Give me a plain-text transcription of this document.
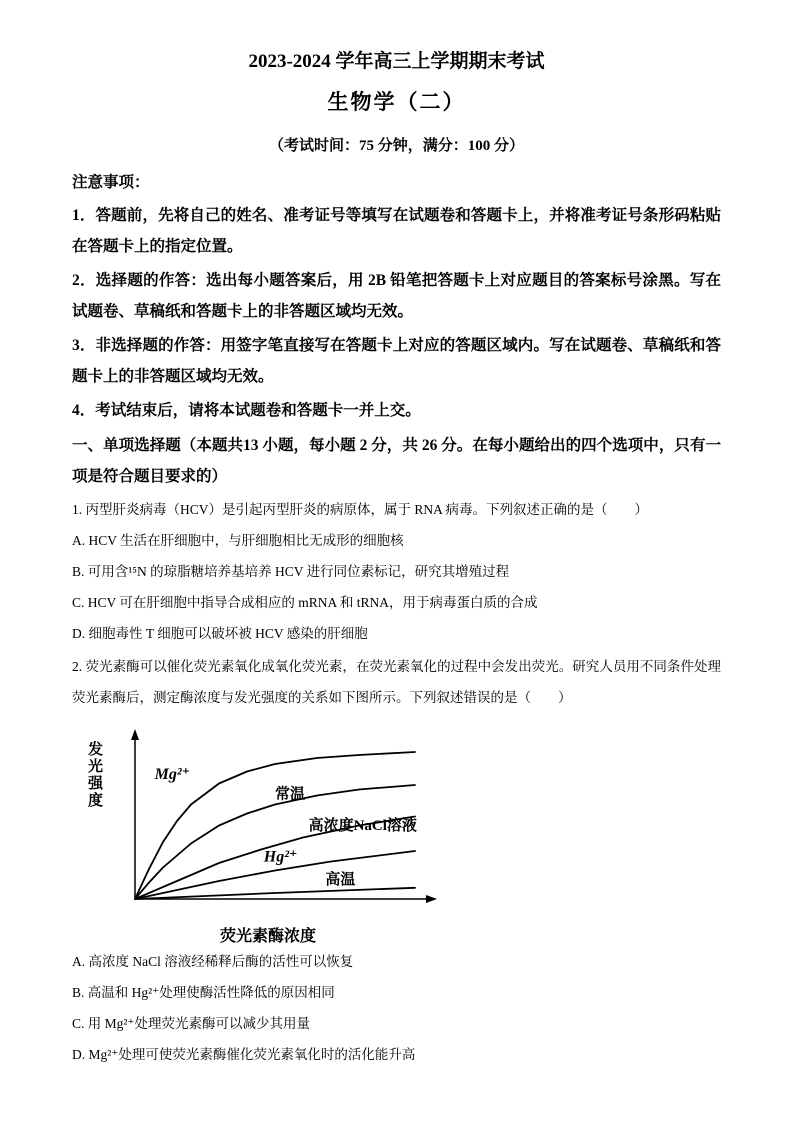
2023-2024 学年高三上学期期末考试
生物学（二）
（考试时间：75 分钟，满分：100 分）
注意事项：
1．答题前，先将自己的姓名、准考证号等填写在试题卷和答题卡上，并将准考证号条形码粘贴在答题卡上的指定位置。
2．选择题的作答：选出每小题答案后，用 2B 铅笔把答题卡上对应题目的答案标号涂黑。写在试题卷、草稿纸和答题卡上的非答题区域均无效。
3．非选择题的作答：用签字笔直接写在答题卡上对应的答题区域内。写在试题卷、草稿纸和答题卡上的非答题区域均无效。
4．考试结束后，请将本试题卷和答题卡一并上交。
一、单项选择题（本题共13 小题，每小题 2 分，共 26 分。在每小题给出的四个选项中，只有一项是符合题目要求的）
1. 丙型肝炎病毒（HCV）是引起丙型肝炎的病原体，属于 RNA 病毒。下列叙述正确的是（　　）
A. HCV 生活在肝细胞中，与肝细胞相比无成形的细胞核
B. 可用含¹⁵N 的琼脂糖培养基培养 HCV 进行同位素标记，研究其增殖过程
C. HCV 可在肝细胞中指导合成相应的 mRNA 和 tRNA，用于病毒蛋白质的合成
D. 细胞毒性 T 细胞可以破坏被 HCV 感染的肝细胞
2. 荧光素酶可以催化荧光素氧化成氧化荧光素，在荧光素氧化的过程中会发出荧光。研究人员用不同条件处理荧光素酶后，测定酶浓度与发光强度的关系如下图所示。下列叙述错误的是（　　）
发光强度	Mg²⁺
常温
高浓度NaCl溶液
Hg²⁺
高温
荧光素酶浓度
A. 高浓度 NaCl 溶液经稀释后酶的活性可以恢复
B. 高温和 Hg²⁺处理使酶活性降低的原因相同
C. 用 Mg²⁺处理荧光素酶可以减少其用量
D. Mg²⁺处理可使荧光素酶催化荧光素氧化时的活化能升高
